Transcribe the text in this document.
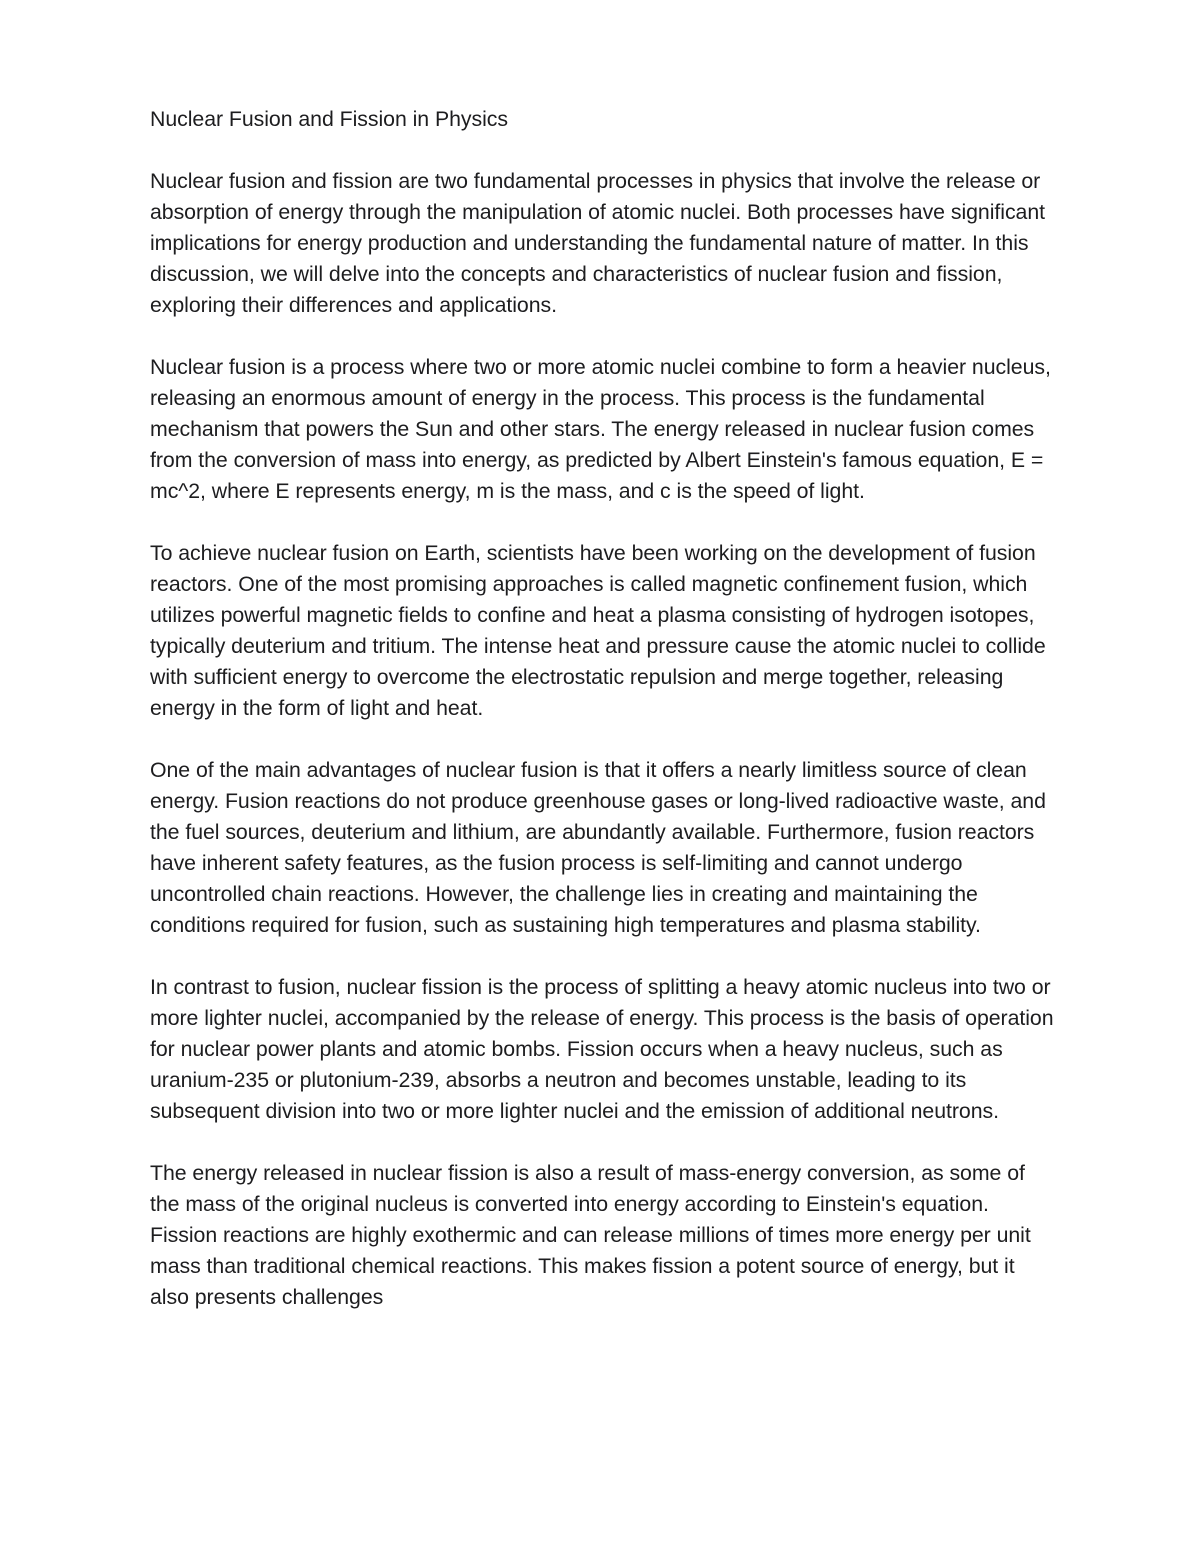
Nuclear Fusion and Fission in Physics

Nuclear fusion and fission are two fundamental processes in physics that involve the release or absorption of energy through the manipulation of atomic nuclei. Both processes have significant implications for energy production and understanding the fundamental nature of matter. In this discussion, we will delve into the concepts and characteristics of nuclear fusion and fission, exploring their differences and applications.

Nuclear fusion is a process where two or more atomic nuclei combine to form a heavier nucleus, releasing an enormous amount of energy in the process. This process is the fundamental mechanism that powers the Sun and other stars. The energy released in nuclear fusion comes from the conversion of mass into energy, as predicted by Albert Einstein's famous equation, E = mc^2, where E represents energy, m is the mass, and c is the speed of light.

To achieve nuclear fusion on Earth, scientists have been working on the development of fusion reactors. One of the most promising approaches is called magnetic confinement fusion, which utilizes powerful magnetic fields to confine and heat a plasma consisting of hydrogen isotopes, typically deuterium and tritium. The intense heat and pressure cause the atomic nuclei to collide with sufficient energy to overcome the electrostatic repulsion and merge together, releasing energy in the form of light and heat.

One of the main advantages of nuclear fusion is that it offers a nearly limitless source of clean energy. Fusion reactions do not produce greenhouse gases or long-lived radioactive waste, and the fuel sources, deuterium and lithium, are abundantly available. Furthermore, fusion reactors have inherent safety features, as the fusion process is self-limiting and cannot undergo uncontrolled chain reactions. However, the challenge lies in creating and maintaining the conditions required for fusion, such as sustaining high temperatures and plasma stability.

In contrast to fusion, nuclear fission is the process of splitting a heavy atomic nucleus into two or more lighter nuclei, accompanied by the release of energy. This process is the basis of operation for nuclear power plants and atomic bombs. Fission occurs when a heavy nucleus, such as uranium-235 or plutonium-239, absorbs a neutron and becomes unstable, leading to its subsequent division into two or more lighter nuclei and the emission of additional neutrons.

The energy released in nuclear fission is also a result of mass-energy conversion, as some of the mass of the original nucleus is converted into energy according to Einstein's equation. Fission reactions are highly exothermic and can release millions of times more energy per unit mass than traditional chemical reactions. This makes fission a potent source of energy, but it also presents challenges
